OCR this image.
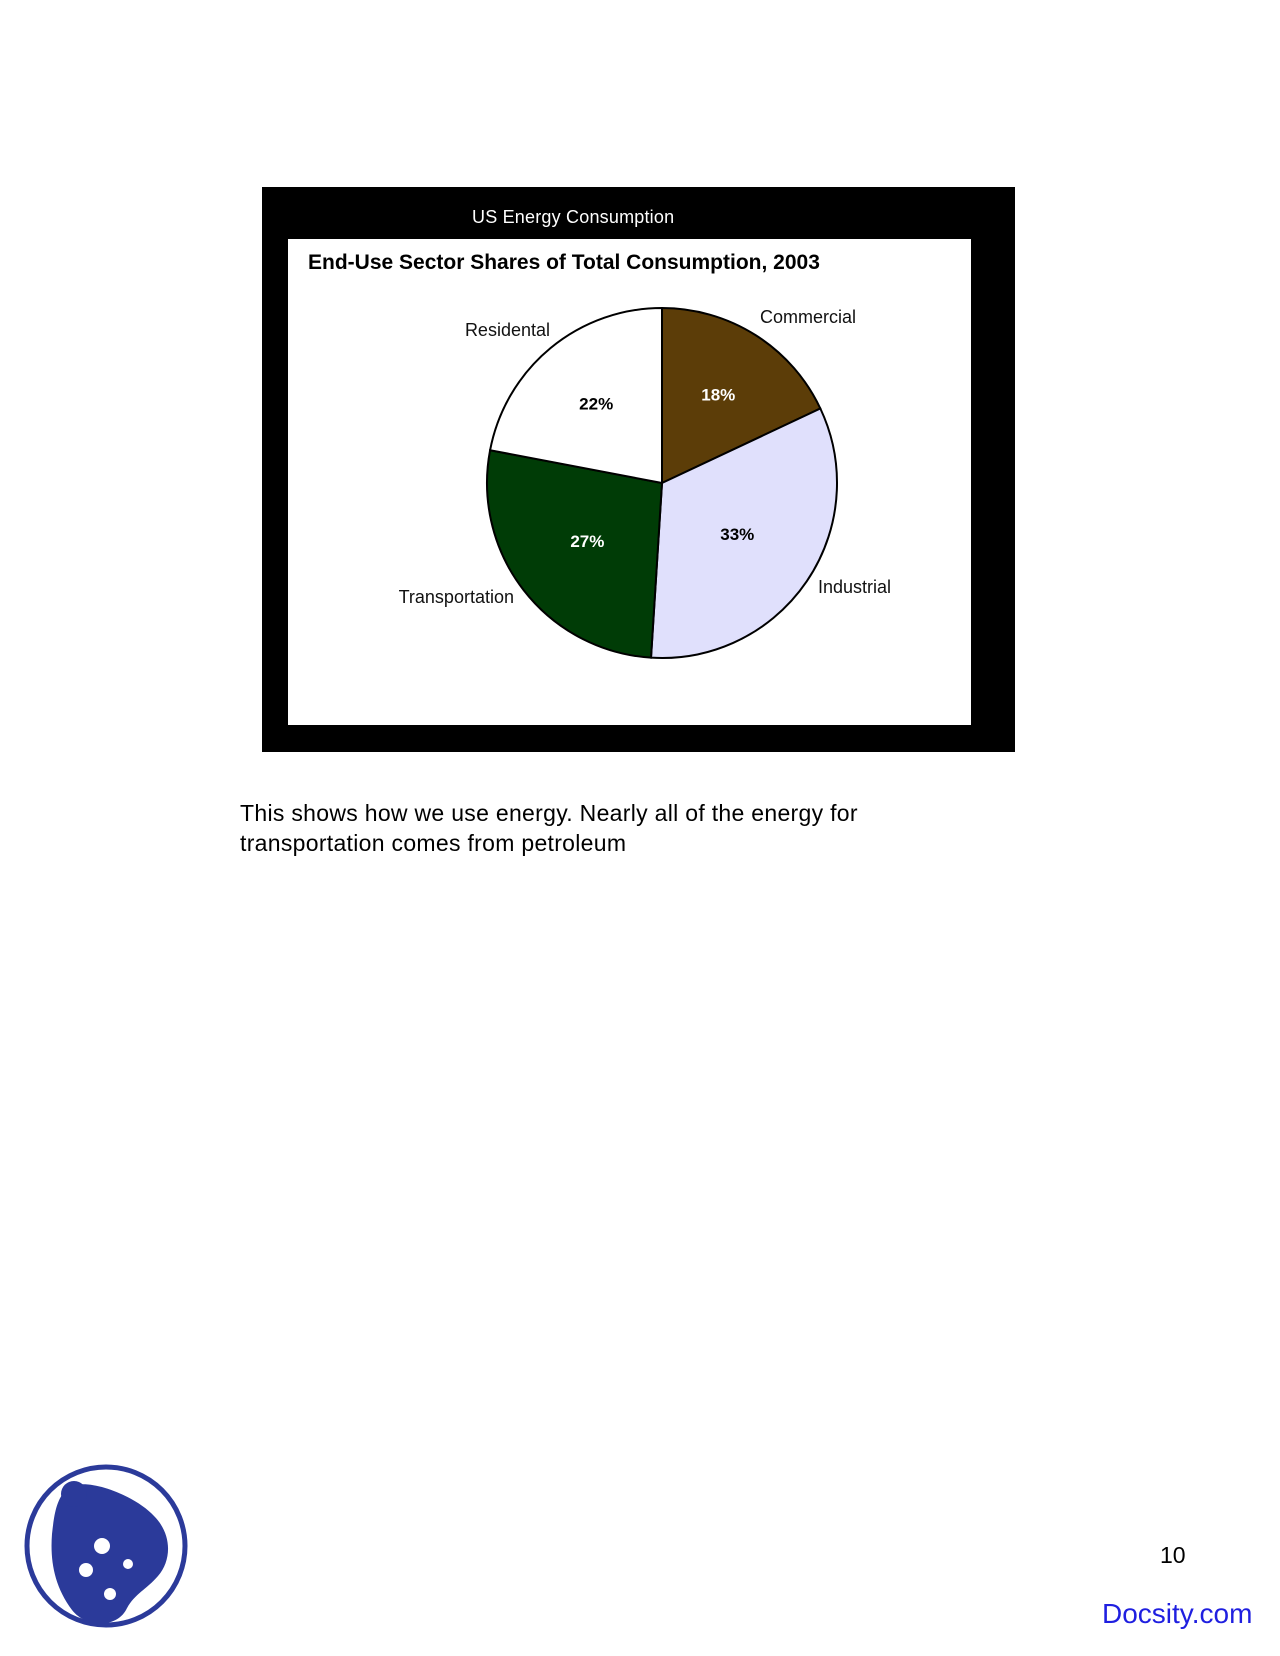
US Energy Consumption
End-Use Sector Shares of Total Consumption, 2003
18%
33%
27%
22%
Commercial
Industrial
Transportation
Residental

This shows how we use energy. Nearly all of the energy for
transportation comes from petroleum

10
Docsity.com
